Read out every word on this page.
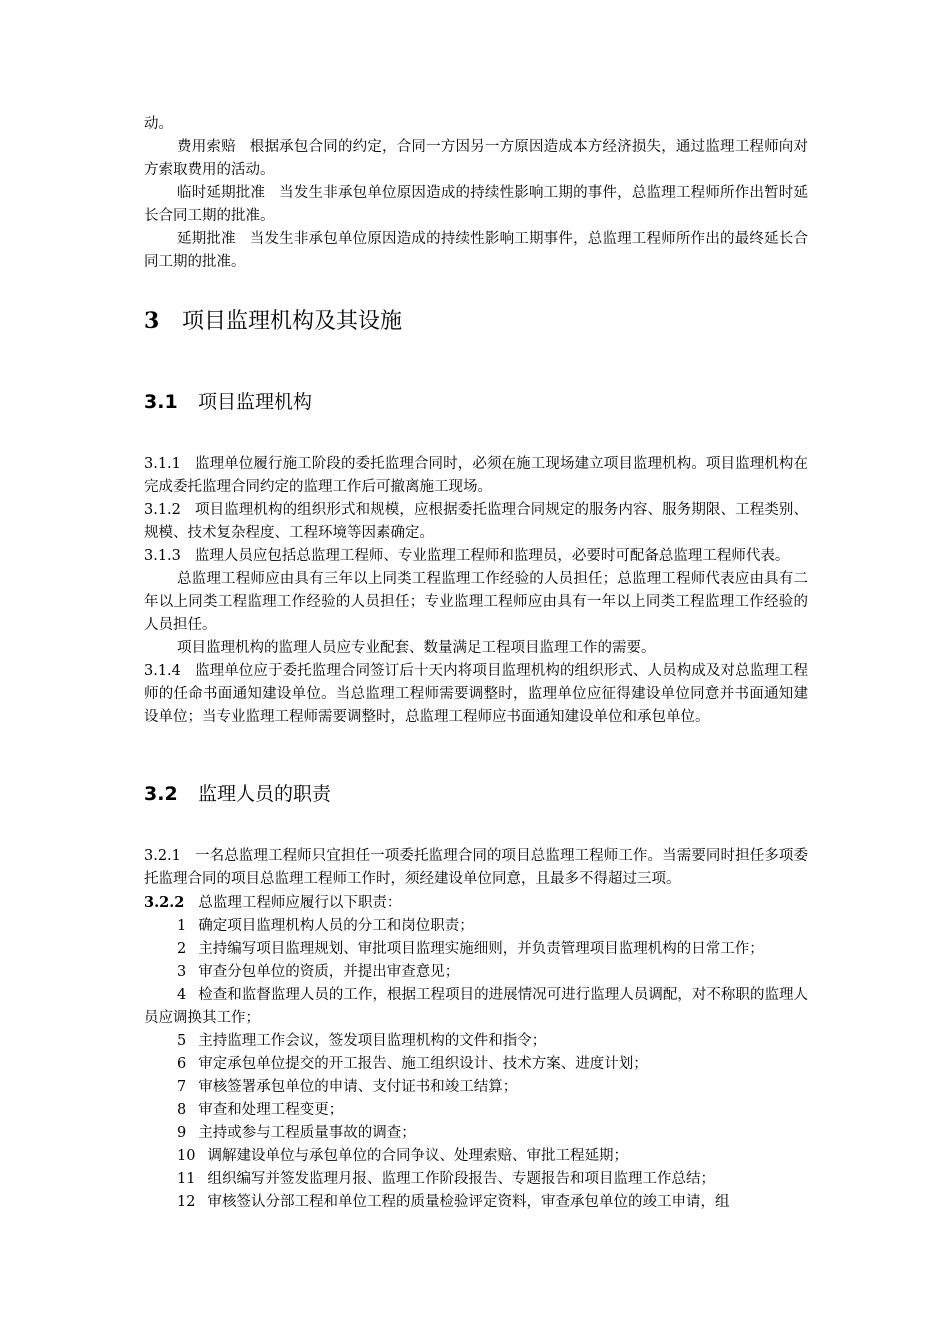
动。

费用索赔 根据承包合同的约定，合同一方因另一方原因造成本方经济损失，通过监理工程师向对方索取费用的活动。

临时延期批准 当发生非承包单位原因造成的持续性影响工期的事件，总监理工程师所作出暂时延长合同工期的批准。

延期批准 当发生非承包单位原因造成的持续性影响工期事件，总监理工程师所作出的最终延长合同工期的批准。

3 项目监理机构及其设施
3.1 项目监理机构

3.1.1 监理单位履行施工阶段的委托监理合同时，必须在施工现场建立项目监理机构。项目监理机构在完成委托监理合同约定的监理工作后可撤离施工现场。

3.1.2 项目监理机构的组织形式和规模，应根据委托监理合同规定的服务内容、服务期限、工程类别、规模、技术复杂程度、工程环境等因素确定。

3.1.3 监理人员应包括总监理工程师、专业监理工程师和监理员，必要时可配备总监理工程师代表。

总监理工程师应由具有三年以上同类工程监理工作经验的人员担任；总监理工程师代表应由具有二年以上同类工程监理工作经验的人员担任；专业监理工程师应由具有一年以上同类工程监理工作经验的人员担任。

项目监理机构的监理人员应专业配套、数量满足工程项目监理工作的需要。

3.1.4 监理单位应于委托监理合同签订后十天内将项目监理机构的组织形式、人员构成及对总监理工程师的任命书面通知建设单位。当总监理工程师需要调整时，监理单位应征得建设单位同意并书面通知建设单位；当专业监理工程师需要调整时，总监理工程师应书面通知建设单位和承包单位。

3.2 监理人员的职责

3.2.1 一名总监理工程师只宜担任一项委托监理合同的项目总监理工程师工作。当需要同时担任多项委托监理合同的项目总监理工程师工作时，须经建设单位同意，且最多不得超过三项。

3.2.2 总监理工程师应履行以下职责：

1 确定项目监理机构人员的分工和岗位职责；

2 主持编写项目监理规划、审批项目监理实施细则，并负责管理项目监理机构的日常工作；

3 审查分包单位的资质，并提出审查意见；

4 检查和监督监理人员的工作，根据工程项目的进展情况可进行监理人员调配，对不称职的监理人员应调换其工作；

5 主持监理工作会议，签发项目监理机构的文件和指令；

6 审定承包单位提交的开工报告、施工组织设计、技术方案、进度计划；

7 审核签署承包单位的申请、支付证书和竣工结算；

8 审查和处理工程变更；

9 主持或参与工程质量事故的调查；

10 调解建设单位与承包单位的合同争议、处理索赔、审批工程延期；

11 组织编写并签发监理月报、监理工作阶段报告、专题报告和项目监理工作总结；

12 审核签认分部工程和单位工程的质量检验评定资料，审查承包单位的竣工申请，组
